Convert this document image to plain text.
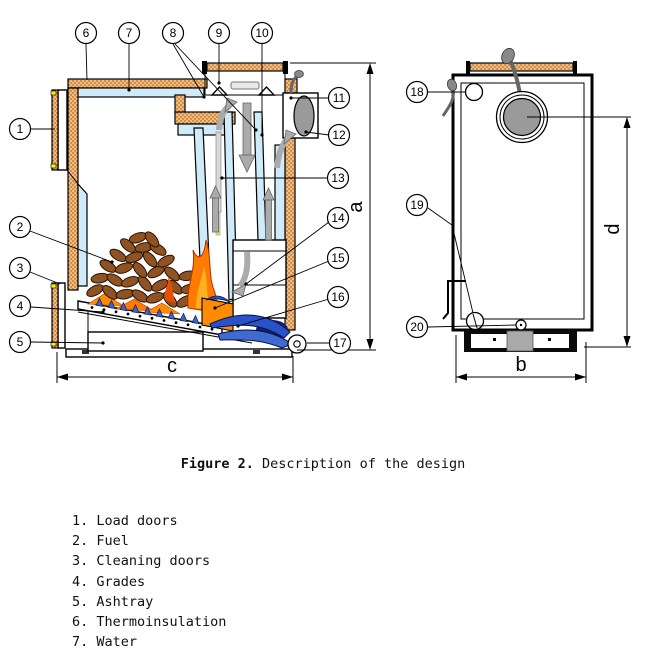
a
c	b
d
1
2
3
4
5
6	7	8	9	10
11
12
13
14
15
16
17
18
19
20
Figure 2. Description of the design
1. Load doors
2. Fuel
3. Cleaning doors
4. Grades
5. Ashtray
6. Thermoinsulation
7. Water
